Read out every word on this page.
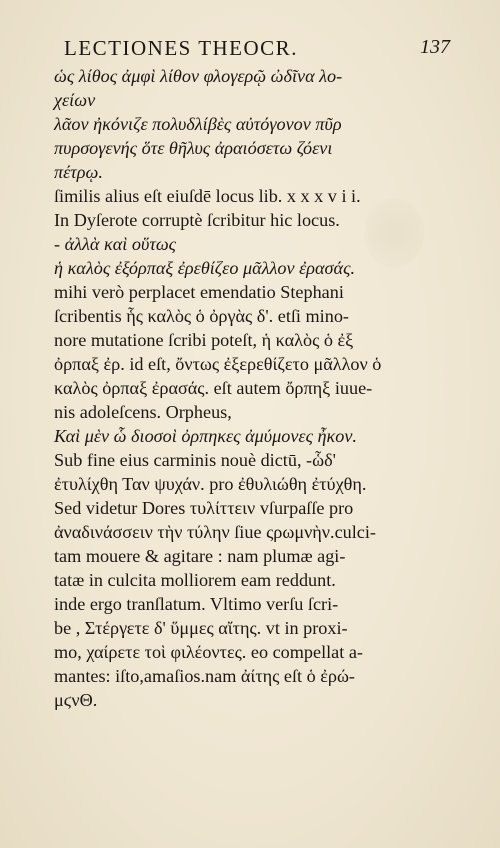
LECTIONES THEOCR.	137
ὡς λίθος ἀμφὶ λίθον φλογερῷ ὠδῖνα λο-
χείων
λᾶον ἠκόνιζε πολυδλίβὲς αὐτόγονον πῦρ
πυρσογενής ὅτε θῆλυς ἀραιόσετω ζόενι
πέτρῳ.
ſimilis alius eſt eiuſdē locus lib. x x x v i i.
In Dyſerote corruptè ſcribitur hic locus.
- ἀλλὰ καὶ οὕτως
ἡ καλὸς ἐξόρπαξ ἐρεθίζεο μᾶλλον ἐρασάς.
mihi verò perplacet emendatio Stephani
ſcribentis ἧς καλὸς ὁ ὀργὰς δ'. etſi mino-
nore mutatione ſcribi poteſt, ἡ καλὸς ὁ ἐξ
ὀρπαξ ἐρ. id eſt, ὄντως ἐξερεθίζετο μᾶλλον ὁ
καλὸς ὀρπαξ ἐρασάς. eſt autem ὄρπηξ iuue-
nis adoleſcens. Orpheus,
Καὶ μὲν ὧ διοσοὶ ὀρπηκες ἀμύμονες ἦκον.
Sub fine eius carminis nouè dictū, -ὧδ'
ἐτυλίχθη Ταν ψυχάν. pro ἐθυλιώθη ἐτύχθη.
Sed videtur Dores τυλίττειν vſurpaſſe pro
ἀναδινάσσειν τὴν τύλην ſiue ςρωμνὴν.culci-
tam mouere & agitare : nam plumæ agi-
tatæ in culcita molliorem eam reddunt.
inde ergo tranſlatum. Vltimo verſu ſcri-
be , Στέργετε δ' ὕμμες αἴτης. vt in proxi-
mo, χαίρετε τοὶ φιλέοντες. eo compellat a-
mantes: iſto,amaſios.nam ἀίτης eſt ὁ ἐρώ-
μϛνΘ.
